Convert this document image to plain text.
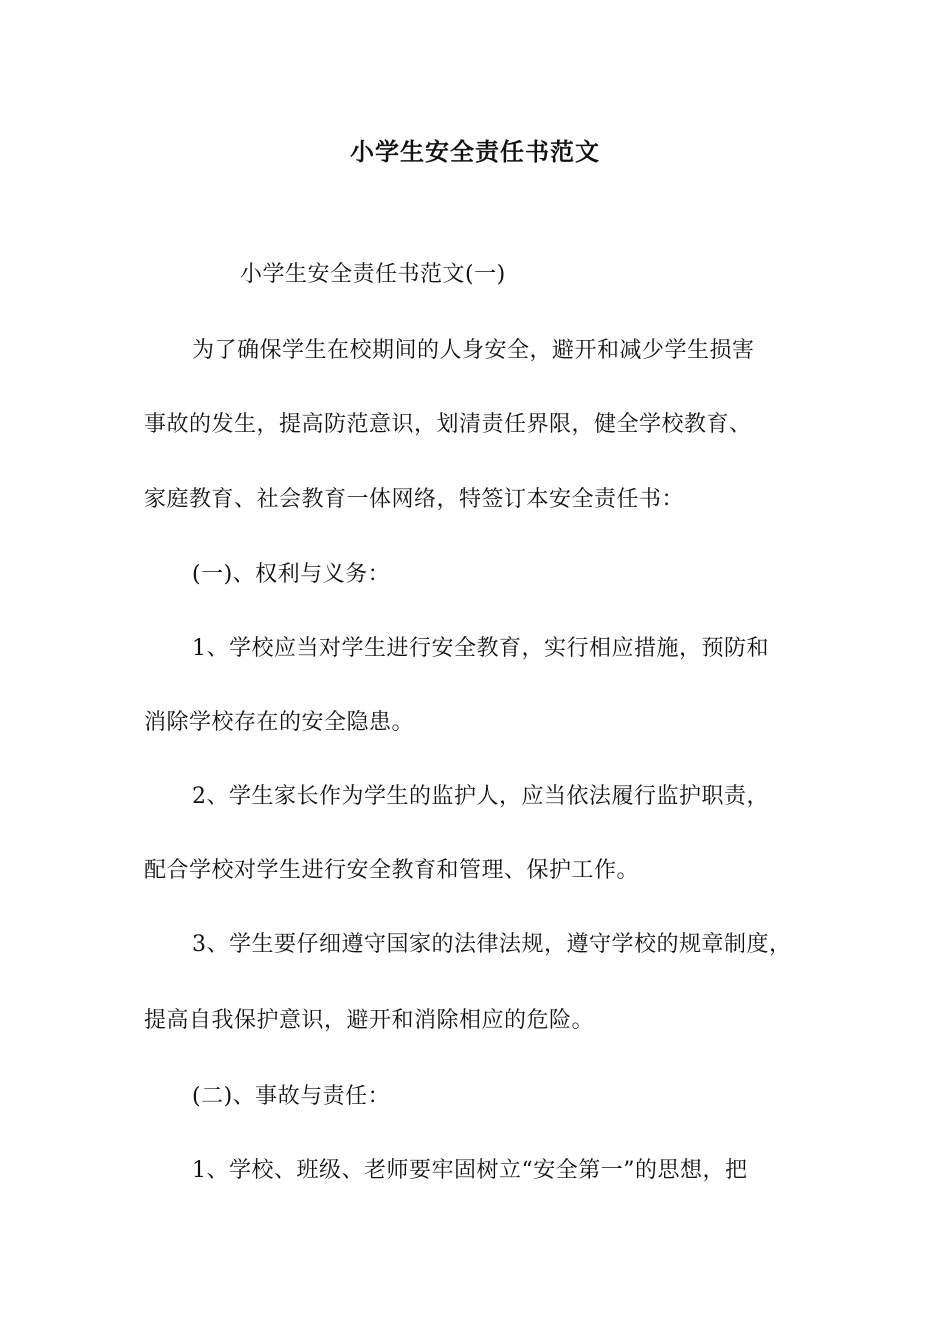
小学生安全责任书范文
小学生安全责任书范文(一)
为了确保学生在校期间的人身安全，避开和减少学生损害
事故的发生，提高防范意识，划清责任界限，健全学校教育、
家庭教育、社会教育一体网络，特签订本安全责任书：
(一)、权利与义务：
1、学校应当对学生进行安全教育，实行相应措施，预防和
消除学校存在的安全隐患。
2、学生家长作为学生的监护人，应当依法履行监护职责，
配合学校对学生进行安全教育和管理、保护工作。
3、学生要仔细遵守国家的法律法规，遵守学校的规章制度，
提高自我保护意识，避开和消除相应的危险。
(二)、事故与责任：
1、学校、班级、老师要牢固树立“安全第一”的思想，把
